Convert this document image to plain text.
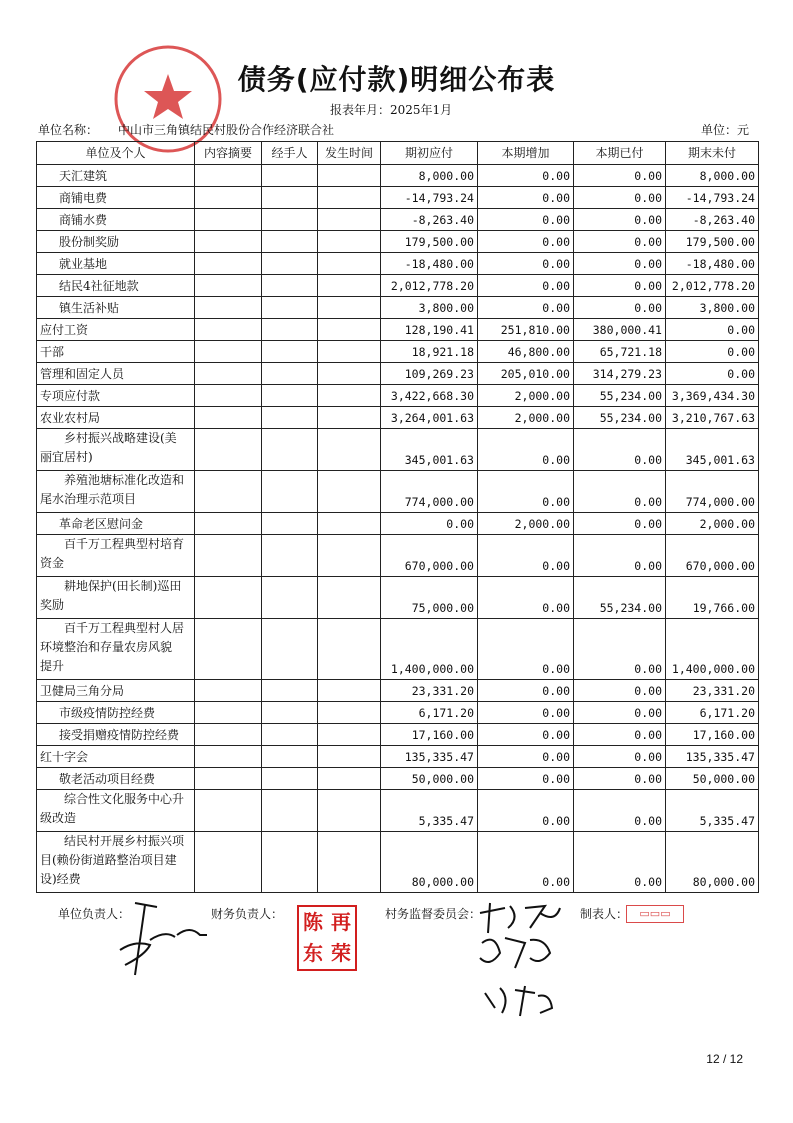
债务(应付款)明细公布表
报表年月：2025年1月
单位名称： 中山市三角镇结民村股份合作经济联合社	单位：元
单位及个人	内容摘要	经手人	发生时间	期初应付	本期增加	本期已付	期末未付
天汇建筑				8,000.00	0.00	0.00	8,000.00
商铺电费				-14,793.24	0.00	0.00	-14,793.24
商铺水费				-8,263.40	0.00	0.00	-8,263.40
股份制奖励				179,500.00	0.00	0.00	179,500.00
就业基地				-18,480.00	0.00	0.00	-18,480.00
结民4社征地款				2,012,778.20	0.00	0.00	2,012,778.20
镇生活补贴				3,800.00	0.00	0.00	3,800.00
应付工资				128,190.41	251,810.00	380,000.41	0.00
干部				18,921.18	46,800.00	65,721.18	0.00
管理和固定人员				109,269.23	205,010.00	314,279.23	0.00
专项应付款				3,422,668.30	2,000.00	55,234.00	3,369,434.30
农业农村局				3,264,001.63	2,000.00	55,234.00	3,210,767.63
　　乡村振兴战略建设(美
丽宜居村)				345,001.63	0.00	0.00	345,001.63
　　养殖池塘标准化改造和
尾水治理示范项目				774,000.00	0.00	0.00	774,000.00
革命老区慰问金				0.00	2,000.00	0.00	2,000.00
　　百千万工程典型村培育
资金				670,000.00	0.00	0.00	670,000.00
　　耕地保护(田长制)巡田
奖励				75,000.00	0.00	55,234.00	19,766.00
　　百千万工程典型村人居
环境整治和存量农房风貌
提升				1,400,000.00	0.00	0.00	1,400,000.00
卫健局三角分局				23,331.20	0.00	0.00	23,331.20
市级疫情防控经费				6,171.20	0.00	0.00	6,171.20
接受捐赠疫情防控经费				17,160.00	0.00	0.00	17,160.00
红十字会				135,335.47	0.00	0.00	135,335.47
敬老活动项目经费				50,000.00	0.00	0.00	50,000.00
　　综合性文化服务中心升
级改造				5,335.47	0.00	0.00	5,335.47
　　结民村开展乡村振兴项
目(赖份街道路整治项目建
设)经费				80,000.00	0.00	0.00	80,000.00
单位负责人：	财务负责人：	村务监督委员会：	制表人：
陈 再
东 荣
▭▭▭
12 / 12
